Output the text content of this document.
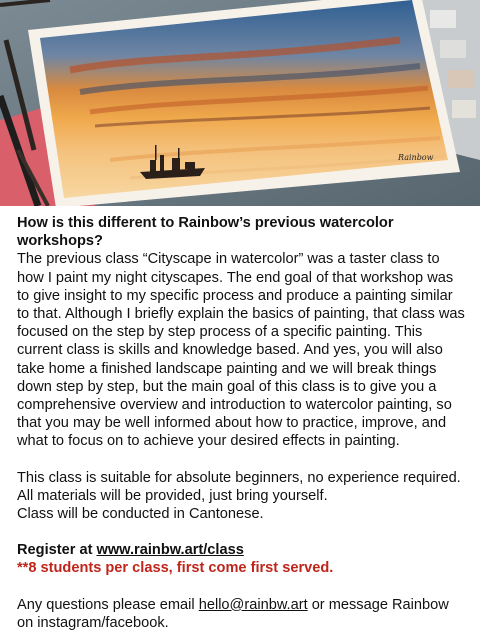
Rainbow
How is this different to Rainbow’s previous watercolor workshops?

The previous class “Cityscape in watercolor” was a taster class to how I paint my night cityscapes. The end goal of that workshop was to give insight to my specific process and produce a painting similar to that. Although I briefly explain the basics of painting, that class was focused on the step by step process of a specific painting. This current class is skills and knowledge based. And yes, you will also take home a finished landscape painting and we will break things down step by step, but the main goal of this class is to give you a comprehensive overview and introduction to watercolor painting, so that you may be well informed about how to practice, improve, and what to focus on to achieve your desired effects in painting.

This class is suitable for absolute beginners, no experience required.
All materials will be provided, just bring yourself.
Class will be conducted in Cantonese.
Register at www.rainbw.art/class
**8 students per class, first come first served.
Any questions please email hello@rainbw.art or message Rainbow on instagram/facebook.
